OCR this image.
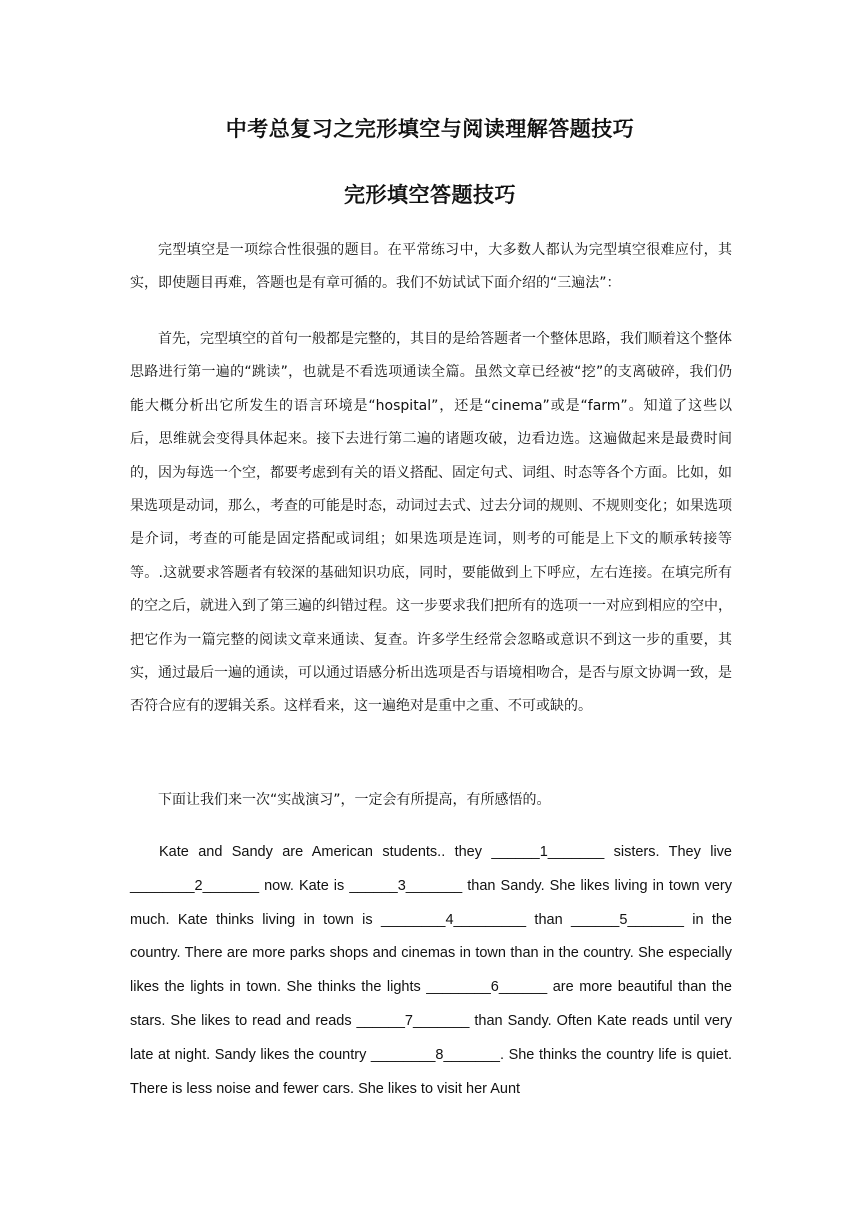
中考总复习之完形填空与阅读理解答题技巧
完形填空答题技巧

完型填空是一项综合性很强的题目。在平常练习中，大多数人都认为完型填空很难应付，其实，即使题目再难，答题也是有章可循的。我们不妨试试下面介绍的“三遍法”：

首先，完型填空的首句一般都是完整的，其目的是给答题者一个整体思路，我们顺着这个整体思路进行第一遍的“跳读”，也就是不看选项通读全篇。虽然文章已经被“挖”的支离破碎，我们仍能大概分析出它所发生的语言环境是“hospital”，还是“cinema”或是“farm”。知道了这些以后，思维就会变得具体起来。接下去进行第二遍的诸题攻破，边看边选。这遍做起来是最费时间的，因为每选一个空，都要考虑到有关的语义搭配、固定句式、词组、时态等各个方面。比如，如果选项是动词，那么，考查的可能是时态，动词过去式、过去分词的规则、不规则变化；如果选项是介词，考查的可能是固定搭配或词组；如果选项是连词，则考的可能是上下文的顺承转接等等。.这就要求答题者有较深的基础知识功底，同时，要能做到上下呼应，左右连接。在填完所有的空之后，就进入到了第三遍的纠错过程。这一步要求我们把所有的选项一一对应到相应的空中，把它作为一篇完整的阅读文章来通读、复查。许多学生经常会忽略或意识不到这一步的重要，其实，通过最后一遍的通读，可以通过语感分析出选项是否与语境相吻合，是否与原文协调一致，是否符合应有的逻辑关系。这样看来，这一遍绝对是重中之重、不可或缺的。

下面让我们来一次“实战演习”，一定会有所提高，有所感悟的。

Kate and Sandy are American students.. they ______1_______ sisters. They live ________2_______ now. Kate is ______3_______ than Sandy. She likes living in town very much. Kate thinks living in town is ________4_________ than ______5_______ in the country. There are more parks shops and cinemas in town than in the country. She especially likes the lights in town. She thinks the lights ________6______ are more beautiful than the stars. She likes to read and reads ______7_______ than Sandy. Often Kate reads until very late at night. Sandy likes the country ________8_______. She thinks the country life is quiet. There is less noise and fewer cars. She likes to visit her Aunt
